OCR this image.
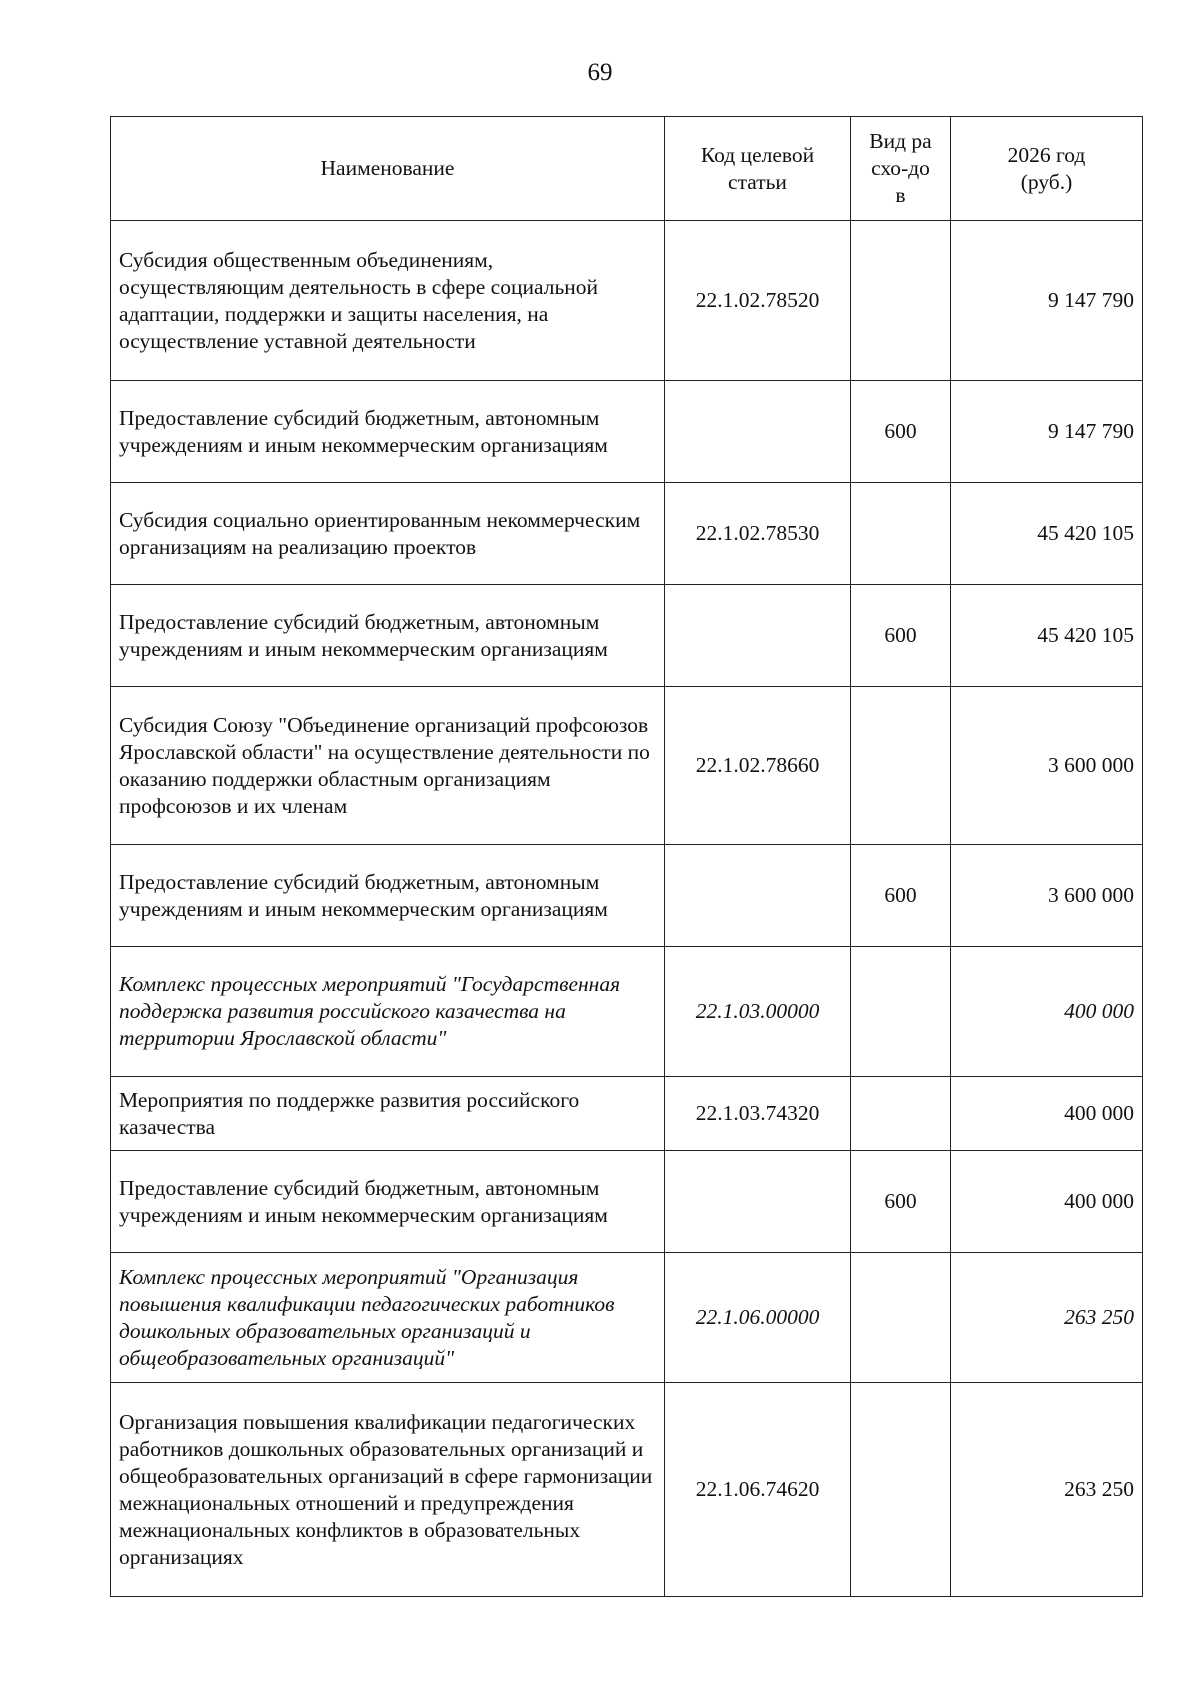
69
Наименование	Код целевой статьи	Вид расхо-дов	2026 год (руб.)

Субсидия общественным объединениям, осуществляющим деятельность в сфере социальной адаптации, поддержки и защиты населения, на осуществление уставной деятельности	22.1.02.78520		9 147 790
Предоставление субсидий бюджетным, автономным учреждениям и иным некоммерческим организациям		600	9 147 790
Субсидия социально ориентированным некоммерческим организациям на реализацию проектов	22.1.02.78530		45 420 105
Предоставление субсидий бюджетным, автономным учреждениям и иным некоммерческим организациям		600	45 420 105
Субсидия Союзу "Объединение организаций профсоюзов Ярославской области" на осуществление деятельности по оказанию поддержки областным организациям профсоюзов и их членам	22.1.02.78660		3 600 000
Предоставление субсидий бюджетным, автономным учреждениям и иным некоммерческим организациям		600	3 600 000
Комплекс процессных мероприятий "Государственная поддержка развития российского казачества на территории Ярославской области"	22.1.03.00000		400 000
Мероприятия по поддержке развития российского казачества	22.1.03.74320		400 000
Предоставление субсидий бюджетным, автономным учреждениям и иным некоммерческим организациям		600	400 000
Комплекс процессных мероприятий "Организация повышения квалификации педагогических работников дошкольных образовательных организаций и общеобразовательных организаций"	22.1.06.00000		263 250
Организация повышения квалификации педагогических работников дошкольных образовательных организаций и общеобразовательных организаций в сфере гармонизации межнациональных отношений и предупреждения межнациональных конфликтов в образовательных организациях	22.1.06.74620		263 250
